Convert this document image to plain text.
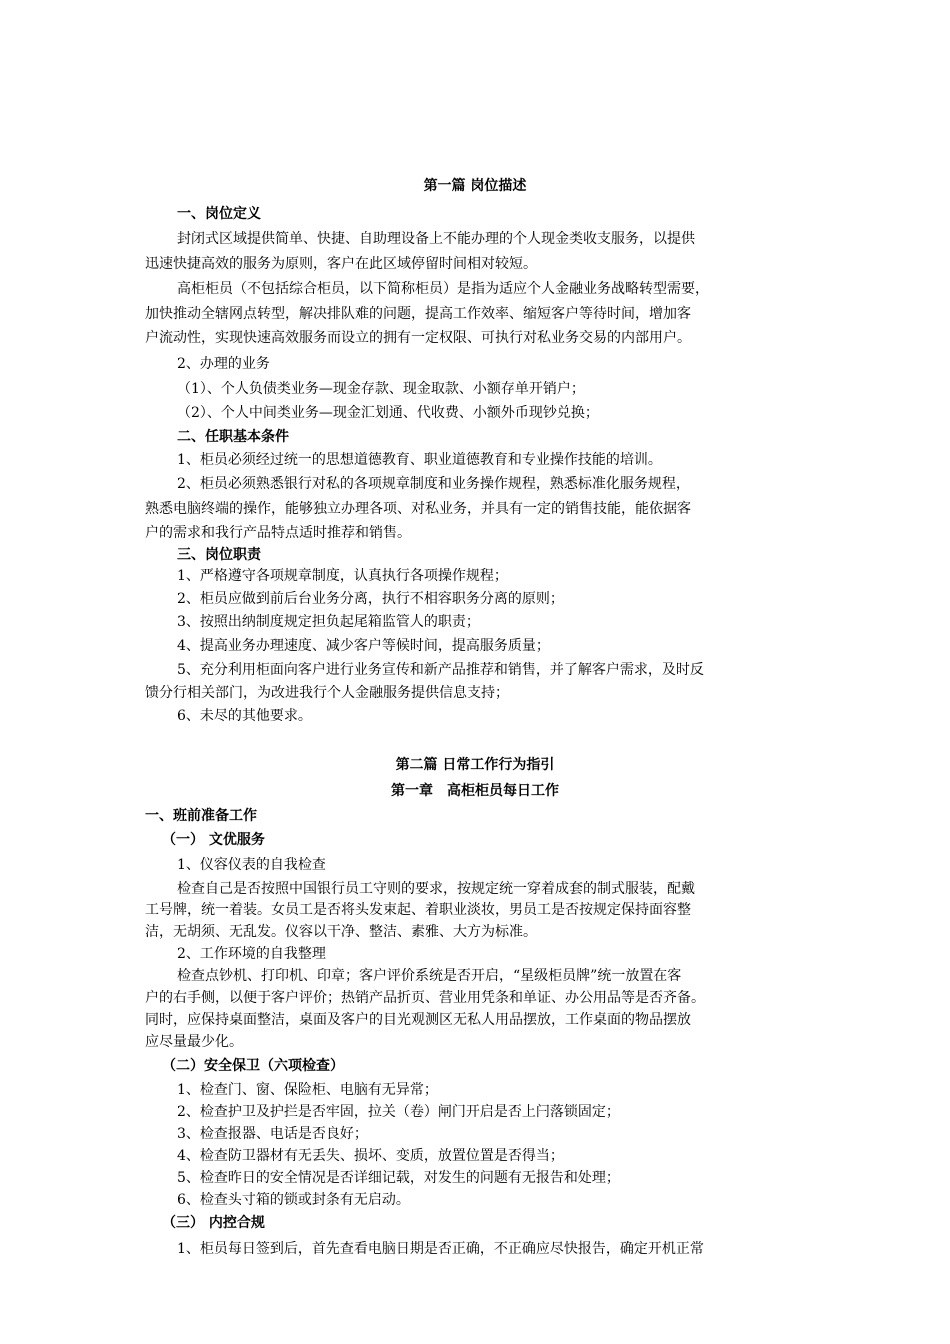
第一篇 岗位描述
一、岗位定义
封闭式区域提供简单、快捷、自助理设备上不能办理的个人现金类收支服务，以提供
迅速快捷高效的服务为原则，客户在此区域停留时间相对较短。
高柜柜员（不包括综合柜员，以下简称柜员）是指为适应个人金融业务战略转型需要，
加快推动全辖网点转型，解决排队难的问题，提高工作效率、缩短客户等待时间，增加客
户流动性，实现快速高效服务而设立的拥有一定权限、可执行对私业务交易的内部用户。
2、办理的业务
（1）、个人负债类业务—现金存款、现金取款、小额存单开销户；
（2）、个人中间类业务—现金汇划通、代收费、小额外币现钞兑换；
二、任职基本条件
1、柜员必须经过统一的思想道德教育、职业道德教育和专业操作技能的培训。
2、柜员必须熟悉银行对私的各项规章制度和业务操作规程，熟悉标准化服务规程，
熟悉电脑终端的操作，能够独立办理各项、对私业务，并具有一定的销售技能，能依据客
户的需求和我行产品特点适时推荐和销售。
三、岗位职责
1、严格遵守各项规章制度，认真执行各项操作规程；
2、柜员应做到前后台业务分离，执行不相容职务分离的原则；
3、按照出纳制度规定担负起尾箱监管人的职责；
4、提高业务办理速度、减少客户等候时间，提高服务质量；
5、充分利用柜面向客户进行业务宣传和新产品推荐和销售，并了解客户需求，及时反
馈分行相关部门，为改进我行个人金融服务提供信息支持；
6、未尽的其他要求。
第二篇 日常工作行为指引
第一章　高柜柜员每日工作
一、班前准备工作
（一） 文优服务
1、仪容仪表的自我检查
检查自己是否按照中国银行员工守则的要求，按规定统一穿着成套的制式服装，配戴
工号牌，统一着装。女员工是否将头发束起、着职业淡妆，男员工是否按规定保持面容整
洁，无胡须、无乱发。仪容以干净、整洁、素雅、大方为标准。
2、工作环境的自我整理
检查点钞机、打印机、印章；客户评价系统是否开启，“星级柜员牌”统一放置在客
户的右手侧，以便于客户评价；热销产品折页、营业用凭条和单证、办公用品等是否齐备。
同时，应保持桌面整洁，桌面及客户的目光观测区无私人用品摆放，工作桌面的物品摆放
应尽量最少化。
（二）安全保卫（六项检查）
1、检查门、窗、保险柜、电脑有无异常；
2、检查护卫及护拦是否牢固，拉关（卷）闸门开启是否上闩落锁固定；
3、检查报器、电话是否良好；
4、检查防卫器材有无丢失、损坏、变质，放置位置是否得当；
5、检查昨日的安全情况是否详细记载，对发生的问题有无报告和处理；
6、检查头寸箱的锁或封条有无启动。
（三） 内控合规
1、柜员每日签到后，首先查看电脑日期是否正确，不正确应尽快报告，确定开机正常
